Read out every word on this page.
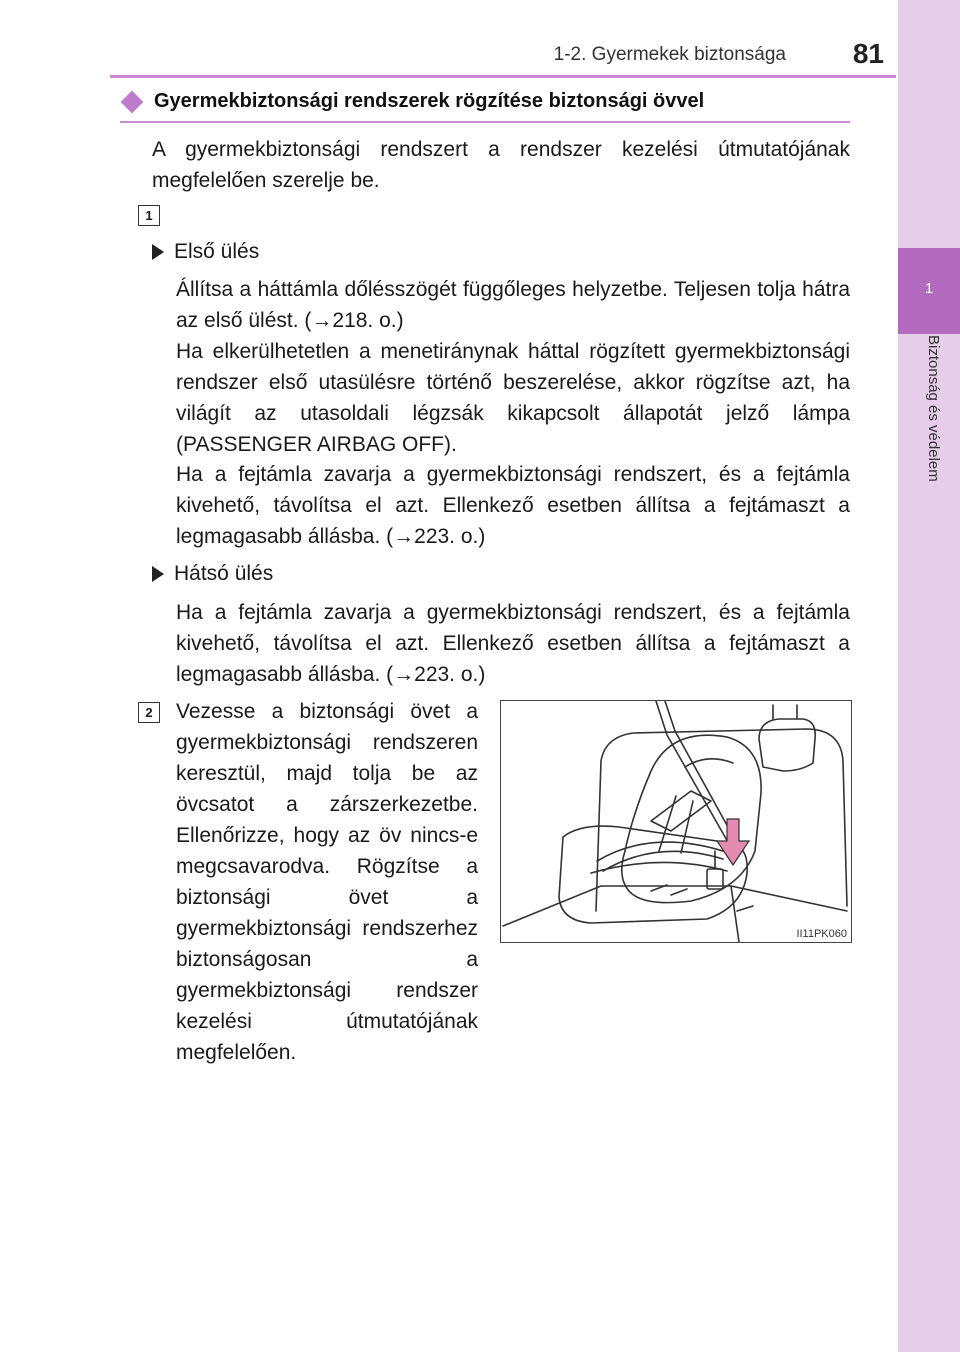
1-2. Gyermekek biztonsága	81
1
Biztonság és védelem
Gyermekbiztonsági rendszerek rögzítése biztonsági övvel
A gyermekbiztonsági rendszert a rendszer kezelési útmutatójának megfelelően szerelje be.
1
Első ülés
Állítsa a háttámla dőlésszögét függőleges helyzetbe. Teljesen tolja hátra az első ülést. (→218. o.)
Ha elkerülhetetlen a menetiránynak háttal rögzített gyermekbiztonsági rendszer első utasülésre történő beszerelése, akkor rögzítse azt, ha világít az utasoldali légzsák kikapcsolt állapotát jelző lámpa (PASSENGER AIRBAG OFF).
Ha a fejtámla zavarja a gyermekbiztonsági rendszert, és a fejtámla kivehető, távolítsa el azt. Ellenkező esetben állítsa a fejtámaszt a legmagasabb állásba. (→223. o.)
Hátsó ülés
Ha a fejtámla zavarja a gyermekbiztonsági rendszert, és a fejtámla kivehető, távolítsa el azt. Ellenkező esetben állítsa a fejtámaszt a legmagasabb állásba. (→223. o.)
2	Vezesse a biztonsági övet a gyermekbiztonsági rendszeren keresztül, majd tolja be az övcsatot a zárszerkezetbe. Ellenőrizze, hogy az öv nincs-e megcsavarodva. Rögzítse a biztonsági övet a gyermekbiztonsági rendszerhez biztonságosan a gyermekbiztonsági rendszer kezelési útmutatójának megfelelően.
II11PK060
